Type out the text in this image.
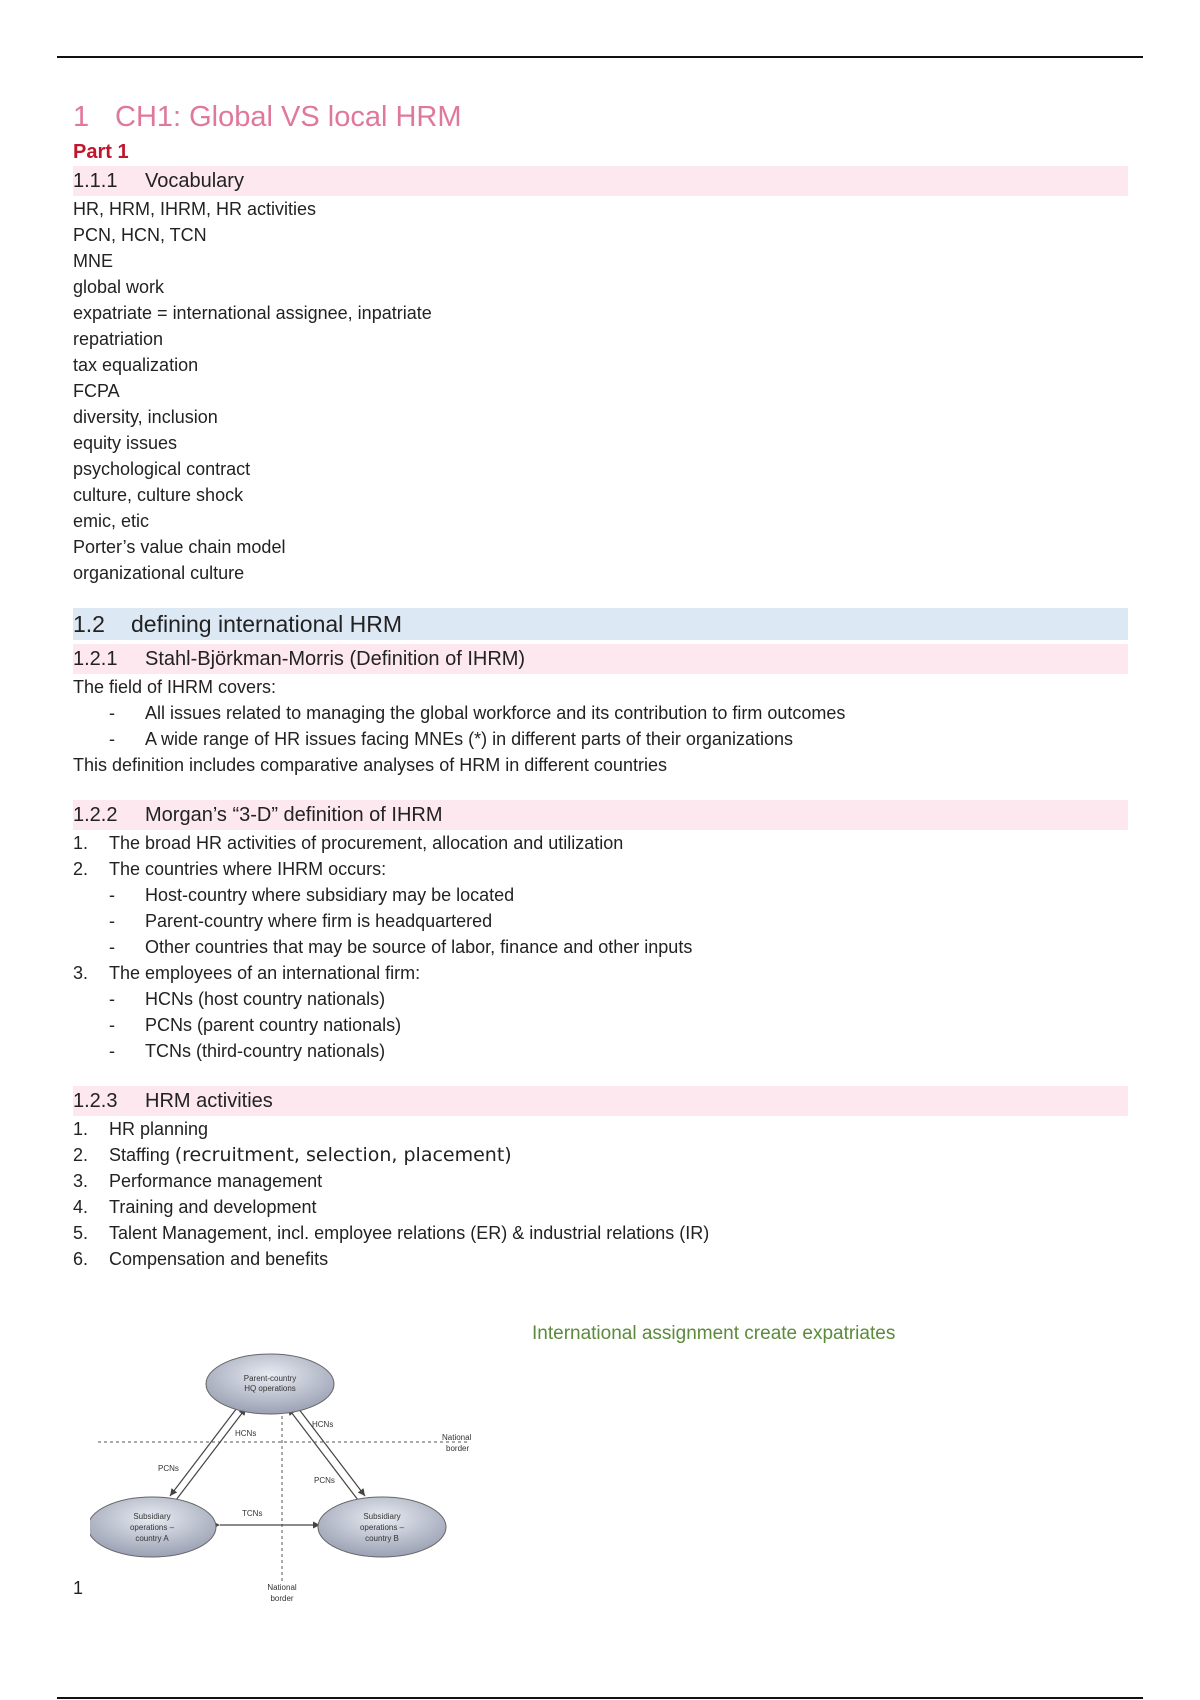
1 CH1: Global VS local HRM
Part 1
1.1.1 Vocabulary
HR, HRM, IHRM, HR activities
PCN, HCN, TCN
MNE
global work
expatriate = international assignee, inpatriate
repatriation
tax equalization
FCPA
diversity, inclusion
equity issues
psychological contract
culture, culture shock
emic, etic
Porter’s value chain model
organizational culture
1.2 defining international HRM
1.2.1 Stahl-Björkman-Morris (Definition of IHRM)
The field of IHRM covers:
- All issues related to managing the global workforce and its contribution to firm outcomes
- A wide range of HR issues facing MNEs (*) in different parts of their organizations
This definition includes comparative analyses of HRM in different countries
1.2.2 Morgan’s “3-D” definition of IHRM
1. The broad HR activities of procurement, allocation and utilization
2. The countries where IHRM occurs:
- Host-country where subsidiary may be located
- Parent-country where firm is headquartered
- Other countries that may be source of labor, finance and other inputs
3. The employees of an international firm:
- HCNs (host country nationals)
- PCNs (parent country nationals)
- TCNs (third-country nationals)
1.2.3 HRM activities
1. HR planning
2. Staffing (recruitment, selection, placement)
3. Performance management
4. Training and development
5. Talent Management, incl. employee relations (ER) & industrial relations (IR)
6. Compensation and benefits
International assignment create expatriates
Parent-country
HQ operations
Subsidiary
operations –
country A
Subsidiary
operations –
country B
HCNs
HCNs
PCNs
PCNs
TCNs
National
border
National
border
1
